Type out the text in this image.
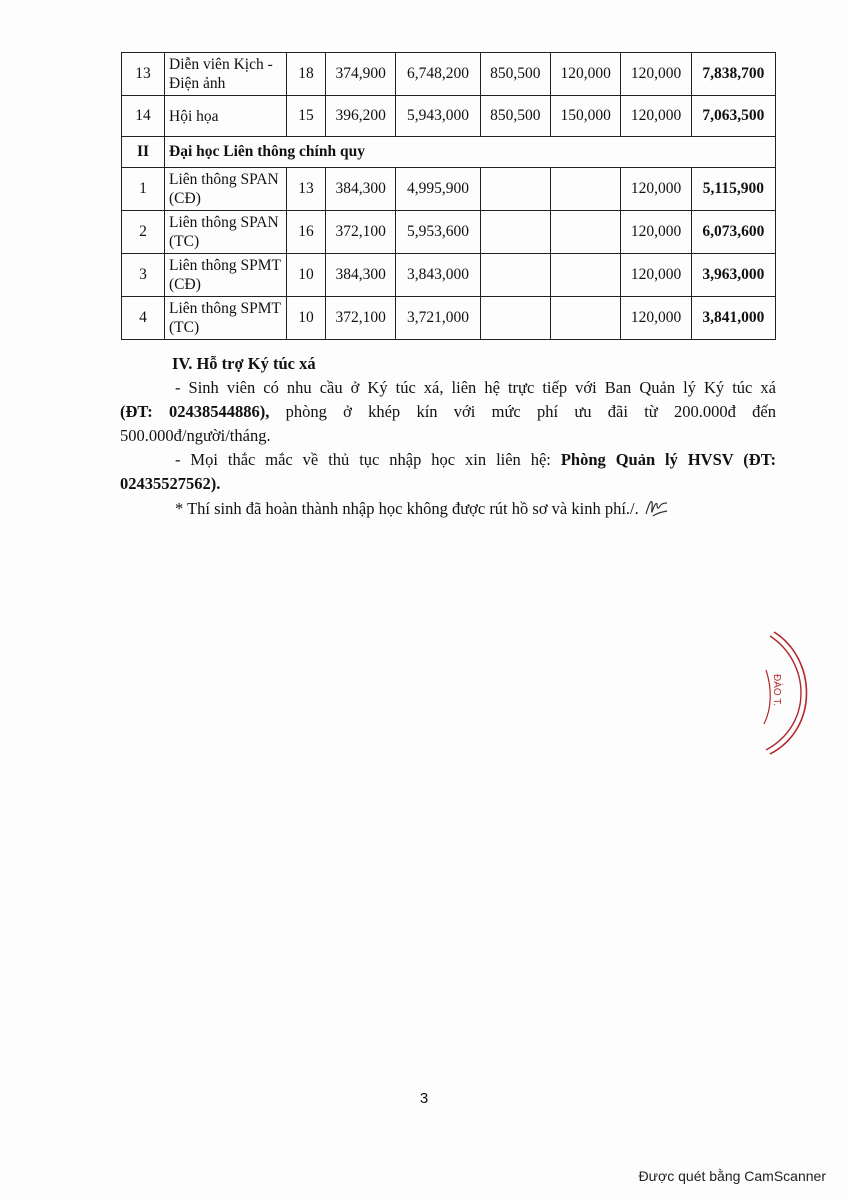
13	Diễn viên Kịch - Điện ảnh	18	374,900	6,748,200	850,500	120,000	120,000	7,838,700
14	Hội họa	15	396,200	5,943,000	850,500	150,000	120,000	7,063,500
II	Đại học Liên thông chính quy							
1	Liên thông SPAN (CĐ)	13	384,300	4,995,900			120,000	5,115,900
2	Liên thông SPAN (TC)	16	372,100	5,953,600			120,000	6,073,600
3	Liên thông SPMT (CĐ)	10	384,300	3,843,000			120,000	3,963,000
4	Liên thông SPMT (TC)	10	372,100	3,721,000			120,000	3,841,000

IV. Hỗ trợ Ký túc xá

- Sinh viên có nhu cầu ở Ký túc xá, liên hệ trực tiếp với Ban Quản lý Ký túc xá

(ĐT: 02438544886), phòng ở khép kín với mức phí ưu đãi từ 200.000đ đến

500.000đ/người/tháng.

- Mọi thắc mắc về thủ tục nhập học xin liên hệ: Phòng Quản lý HVSV (ĐT:

02435527562).

* Thí sinh đã hoàn thành nhập học không được rút hồ sơ và kinh phí./.

ĐÀO T.
3
Được quét bằng CamScanner
